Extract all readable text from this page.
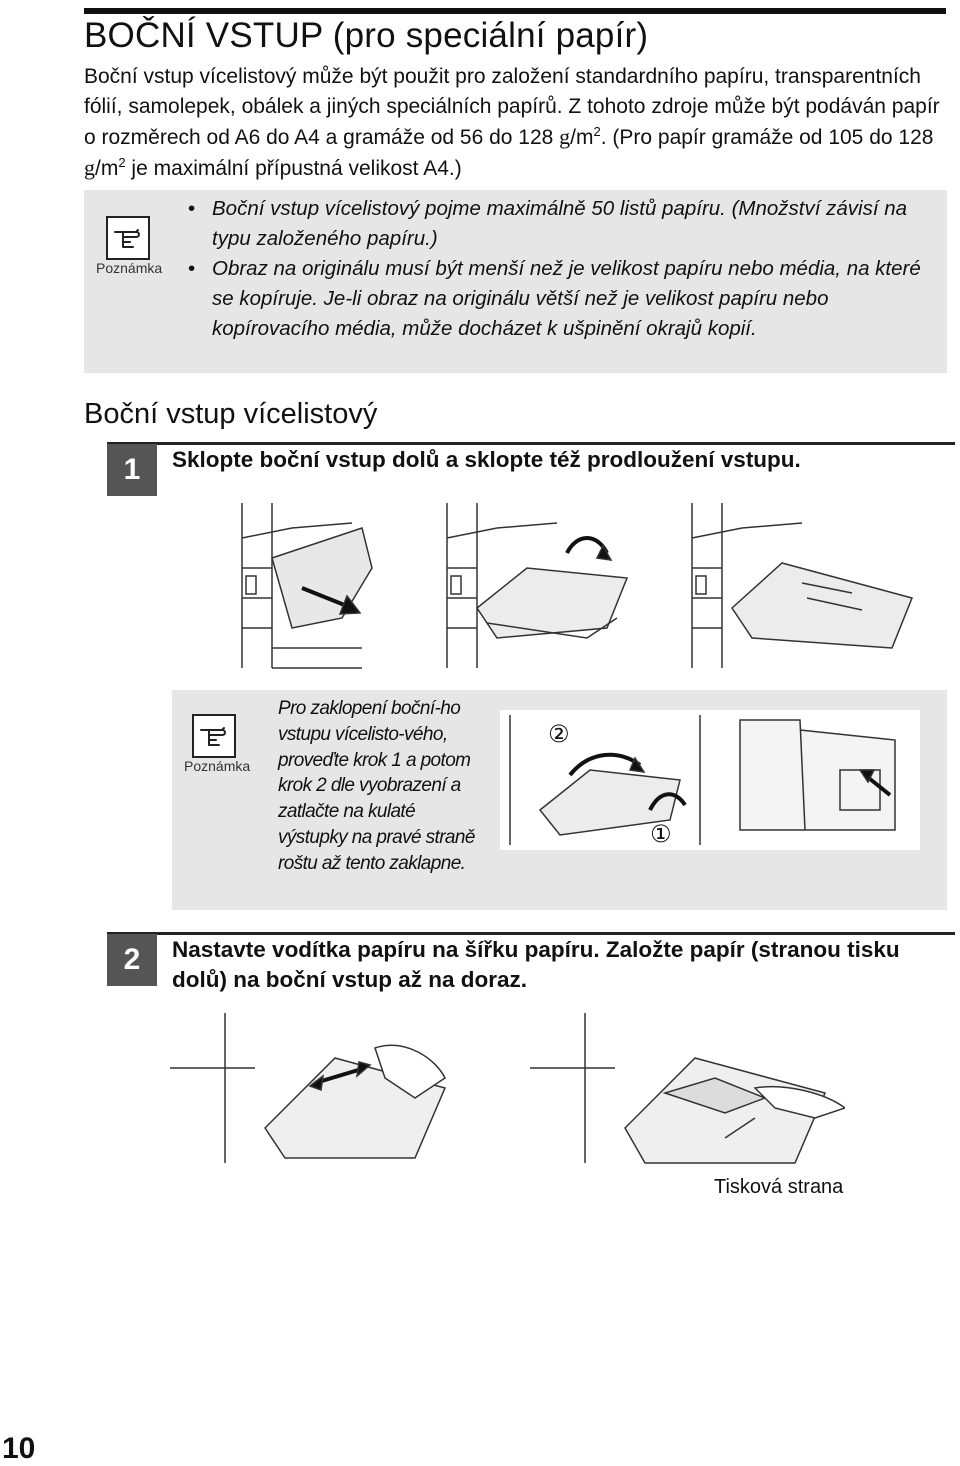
BOČNÍ VSTUP (pro speciální papír)

Boční vstup vícelistový může být použit pro založení standardního papíru, transparentních fólií, samolepek, obálek a jiných speciálních papírů. Z tohoto zdroje může být podáván papír o rozměrech od A6 do A4 a gramáže od 56 do 128 $g/m^2$. (Pro papír gramáže od 105 do 128 $g/m^2$ je maximální přípustná velikost A4.)

Poznámka
• Boční vstup vícelistový pojme maximálně 50 listů papíru. (Množství závisí na typu založeného papíru.)
• Obraz na originálu musí být menší než je velikost papíru nebo média, na které se kopíruje. Je-li obraz na originálu větší než je velikost papíru nebo kopírovacího média, může docházet k ušpinění okrajů kopií.
Boční vstup vícelistový
1	Sklopte boční vstup dolů a sklopte též prodloužení vstupu.

Poznámka

Pro zaklopení boční-ho vstupu vícelisto-vého, proveďte krok 1 a potom krok 2 dle vyobrazení a zatlačte na kulaté výstupky na pravé straně roštu až tento zaklapne.

②
①
2	Nastavte vodítka papíru na šířku papíru. Založte papír (stranou tisku dolů) na boční vstup až na doraz.

Tisková strana
10
